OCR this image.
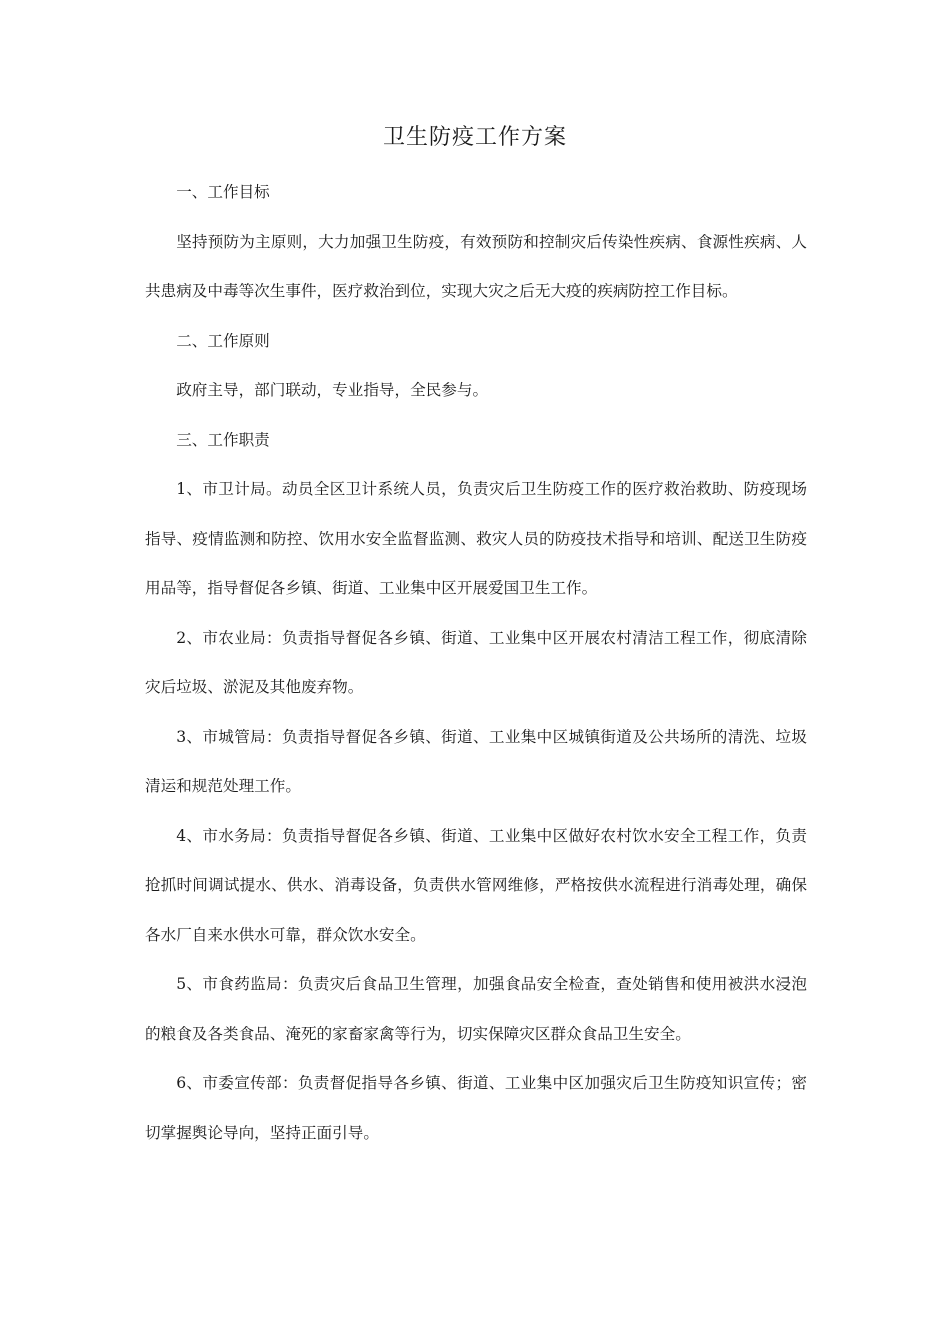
卫生防疫工作方案

一、工作目标

坚持预防为主原则，大力加强卫生防疫，有效预防和控制灾后传染性疾病、食源性疾病、人共患病及中毒等次生事件，医疗救治到位，实现大灾之后无大疫的疾病防控工作目标。

二、工作原则

政府主导，部门联动，专业指导，全民参与。

三、工作职责

1、市卫计局。动员全区卫计系统人员，负责灾后卫生防疫工作的医疗救治救助、防疫现场指导、疫情监测和防控、饮用水安全监督监测、救灾人员的防疫技术指导和培训、配送卫生防疫用品等，指导督促各乡镇、街道、工业集中区开展爱国卫生工作。

2、市农业局：负责指导督促各乡镇、街道、工业集中区开展农村清洁工程工作，彻底清除灾后垃圾、淤泥及其他废弃物。

3、市城管局：负责指导督促各乡镇、街道、工业集中区城镇街道及公共场所的清洗、垃圾清运和规范处理工作。

4、市水务局：负责指导督促各乡镇、街道、工业集中区做好农村饮水安全工程工作，负责抢抓时间调试提水、供水、消毒设备，负责供水管网维修，严格按供水流程进行消毒处理，确保各水厂自来水供水可靠，群众饮水安全。

5、市食药监局：负责灾后食品卫生管理，加强食品安全检查，查处销售和使用被洪水浸泡的粮食及各类食品、淹死的家畜家禽等行为，切实保障灾区群众食品卫生安全。

6、市委宣传部：负责督促指导各乡镇、街道、工业集中区加强灾后卫生防疫知识宣传；密切掌握舆论导向，坚持正面引导。
